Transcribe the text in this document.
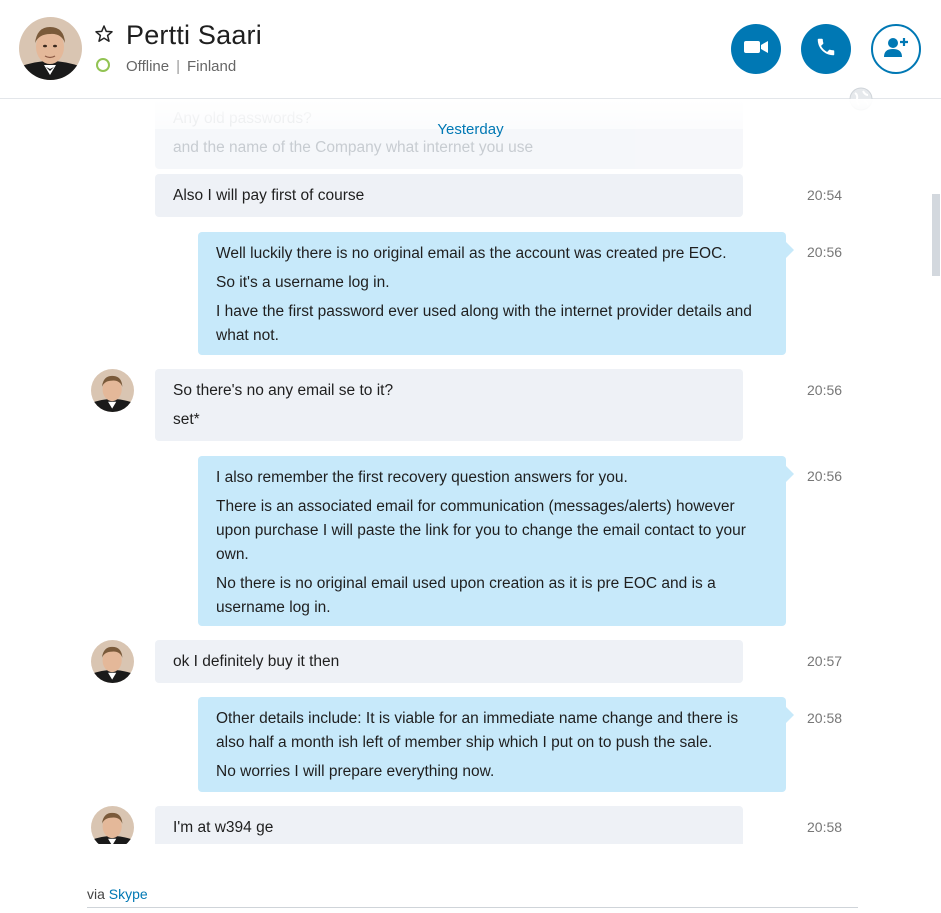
Pertti Saari
Offline | Finland
and the name of the Company what internet you use
Yesterday
Also I will pay first of course	20:54
Well luckily there is no original email as the account was created pre EOC.
So it's a username log in.
I have the first password ever used along with the internet provider details and what not.
20:56
So there's no any email se to it?
set*
20:56
I also remember the first recovery question answers for you.
There is an associated email for communication (messages/alerts) however upon purchase I will paste the link for you to change the email contact to your own.
No there is no original email used upon creation as it is pre EOC and is a username log in.
20:56
ok I definitely buy it then	20:57
Other details include: It is viable for an immediate name change and there is also half a month ish left of member ship which I put on to push the sale.
No worries I will prepare everything now.
20:58
I'm at w394 ge	20:58
via Skype
